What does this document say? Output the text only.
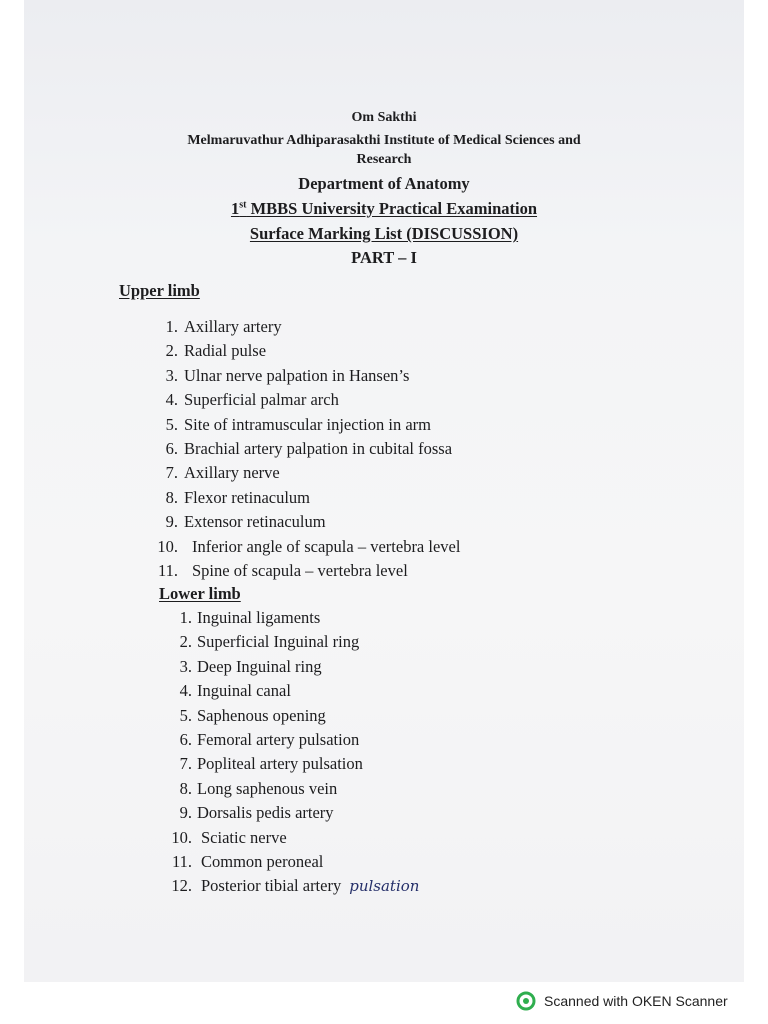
Om Sakthi
Melmaruvathur Adhiparasakthi Institute of Medical Sciences and
Research
Department of Anatomy
1st MBBS University Practical Examination
Surface Marking List (DISCUSSION)
PART – I
Upper limb
1. Axillary artery
2. Radial pulse
3. Ulnar nerve palpation in Hansen’s
4. Superficial palmar arch
5. Site of intramuscular injection in arm
6. Brachial artery palpation in cubital fossa
7. Axillary nerve
8. Flexor retinaculum
9. Extensor retinaculum
10. Inferior angle of scapula – vertebra level
11. Spine of scapula – vertebra level
Lower limb
1. Inguinal ligaments
2. Superficial Inguinal ring
3. Deep Inguinal ring
4. Inguinal canal
5. Saphenous opening
6. Femoral artery pulsation
7. Popliteal artery pulsation
8. Long saphenous vein
9. Dorsalis pedis artery
10. Sciatic nerve
11. Common peroneal
12. Posterior tibial artery pulsation
Scanned with OKEN Scanner
